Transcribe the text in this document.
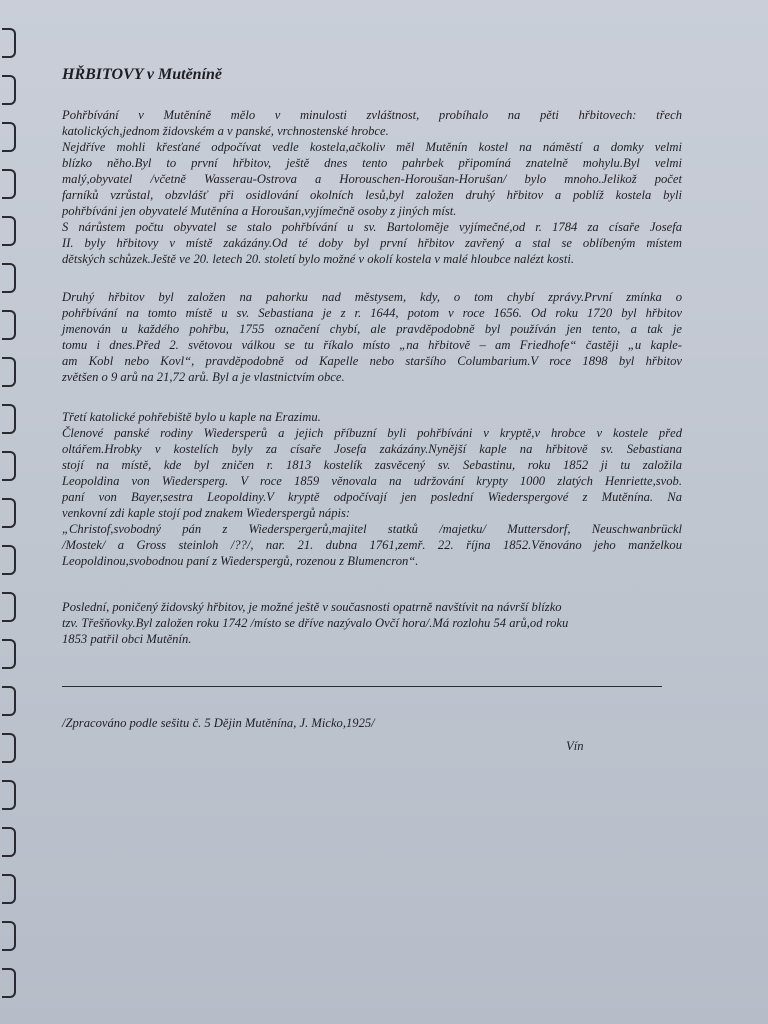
HŘBITOVY v Mutěníně
Pohřbívání v Mutěníně mělo v minulosti zvláštnost, probíhalo na pěti hřbitovech: třech
katolických,jednom židovském a v panské, vrchnostenské hrobce.
Nejdříve mohli křesťané odpočívat vedle kostela,ačkoliv měl Mutěnín kostel na náměstí a domky velmi
blízko něho.Byl to první hřbitov, ještě dnes tento pahrbek připomíná znatelně mohylu.Byl velmi
malý,obyvatel /včetně Wasserau-Ostrova a Horouschen-Horoušan-Horušan/ bylo mnoho.Jelikož počet
farníků vzrůstal, obzvlášť při osidlování okolních lesů,byl založen druhý hřbitov a poblíž kostela byli
pohřbíváni jen obyvatelé Mutěnína a Horoušan,vyjímečně osoby z jiných míst.
S nárůstem počtu obyvatel se stalo pohřbívání u sv. Bartoloměje vyjímečné,od r. 1784 za císaře Josefa
II. byly hřbitovy v místě zakázány.Od té doby byl první hřbitov zavřený a stal se oblíbeným místem
dětských schůzek.Ještě ve 20. letech 20. století bylo možné v okolí kostela v malé hloubce nalézt kosti.
Druhý hřbitov byl založen na pahorku nad městysem, kdy, o tom chybí zprávy.První zmínka o
pohřbívání na tomto místě u sv. Sebastiana je z r. 1644, potom v roce 1656. Od roku 1720 byl hřbitov
jmenován u každého pohřbu, 1755 označení chybí, ale pravděpodobně byl používán jen tento, a tak je
tomu i dnes.Před 2. světovou válkou se tu říkalo místo „na hřbitově – am Friedhofe“ častěji „u kaple-
am Kobl nebo Kovl“, pravděpodobně od Kapelle nebo staršího Columbarium.V roce 1898 byl hřbitov
zvětšen o 9 arů na 21,72 arů. Byl a je vlastnictvím obce.
Třetí katolické pohřebiště bylo u kaple na Erazimu.
Členové panské rodiny Wiedersperů a jejich příbuzní byli pohřbíváni v kryptě,v hrobce v kostele před
oltářem.Hrobky v kostelích byly za císaře Josefa zakázány.Nynější kaple na hřbitově sv. Sebastiana
stojí na místě, kde byl zničen r. 1813 kostelík zasvěcený sv. Sebastinu, roku 1852 ji tu založila
Leopoldina von Wiedersperg. V roce 1859 věnovala na udržování krypty 1000 zlatých Henriette,svob.
paní von Bayer,sestra Leopoldiny.V kryptě odpočívají jen poslední Wiederspergové z Mutěnína. Na
venkovní zdi kaple stojí pod znakem Wiederspergů nápis:
„Christof,svobodný pán z Wiederspergerů,majitel statků /majetku/ Muttersdorf, Neuschwanbrückl
/Mostek/ a Gross steinloh /??/, nar. 21. dubna 1761,zemř. 22. října 1852.Věnováno jeho manželkou
Leopoldinou,svobodnou paní z Wiederspergů, rozenou z Blumencron“.
Poslední, poničený židovský hřbitov, je možné ještě v současnosti opatrně navštívit na návrší blízko
tzv. Třešňovky.Byl založen roku 1742 /místo se dříve nazývalo Ovčí hora/.Má rozlohu 54 arů,od roku
1853 patřil obci Mutěnín.
/Zpracováno podle sešitu č. 5 Dějin Mutěnína, J. Micko,1925/
Vín
